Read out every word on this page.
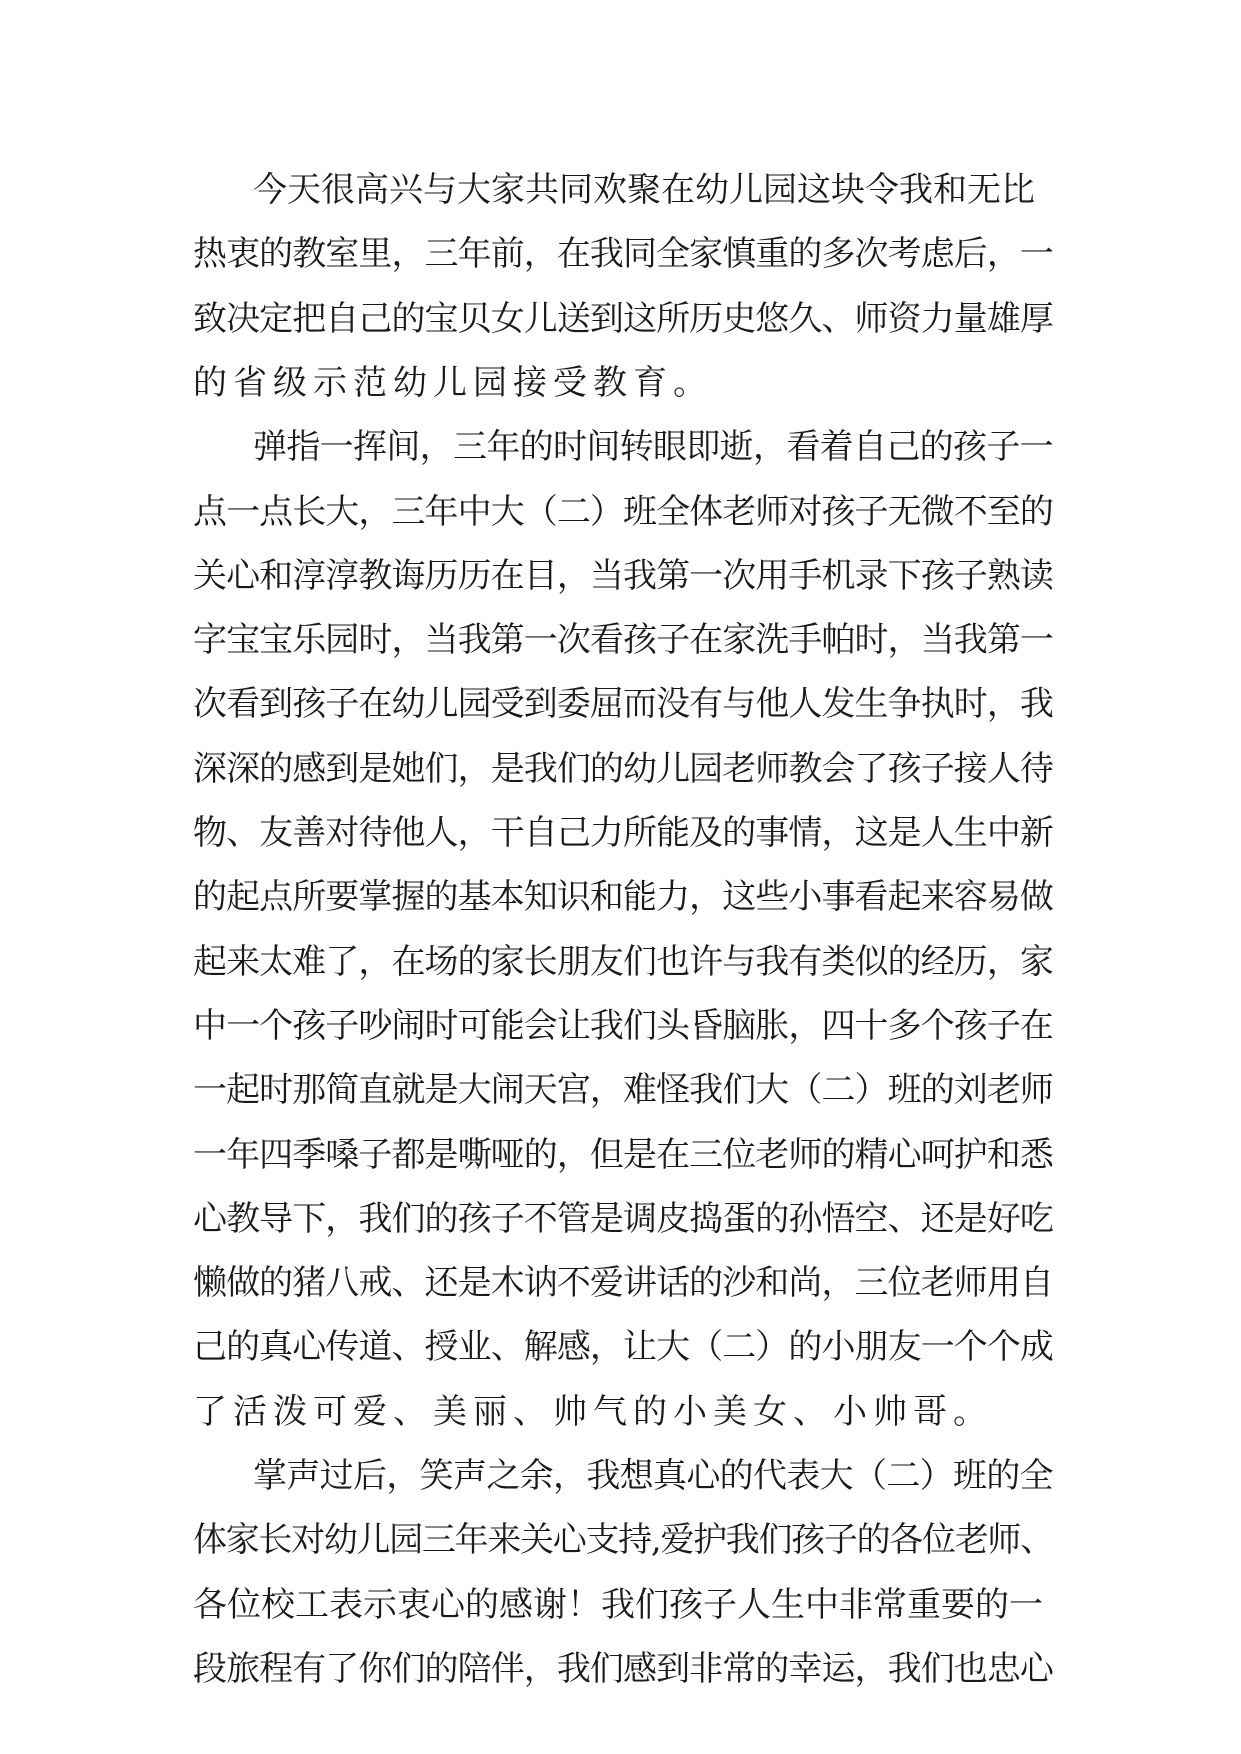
今天很高兴与大家共同欢聚在幼儿园这块令我和无比
热衷的教室里，三年前，在我同全家慎重的多次考虑后，一
致决定把自己的宝贝女儿送到这所历史悠久、师资力量雄厚
的省级示范幼儿园接受教育。
弹指一挥间，三年的时间转眼即逝，看着自己的孩子一
点一点长大，三年中大（二）班全体老师对孩子无微不至的
关心和淳淳教诲历历在目，当我第一次用手机录下孩子熟读
字宝宝乐园时，当我第一次看孩子在家洗手帕时，当我第一
次看到孩子在幼儿园受到委屈而没有与他人发生争执时，我
深深的感到是她们，是我们的幼儿园老师教会了孩子接人待
物、友善对待他人，干自己力所能及的事情，这是人生中新
的起点所要掌握的基本知识和能力，这些小事看起来容易做
起来太难了，在场的家长朋友们也许与我有类似的经历，家
中一个孩子吵闹时可能会让我们头昏脑胀，四十多个孩子在
一起时那简直就是大闹天宫，难怪我们大（二）班的刘老师
一年四季嗓子都是嘶哑的，但是在三位老师的精心呵护和悉
心教导下，我们的孩子不管是调皮捣蛋的孙悟空、还是好吃
懒做的猪八戒、还是木讷不爱讲话的沙和尚，三位老师用自
己的真心传道、授业、解感，让大（二）的小朋友一个个成
了活泼可爱、美丽、帅气的小美女、小帅哥。
掌声过后，笑声之余，我想真心的代表大（二）班的全
体家长对幼儿园三年来关心支持,爱护我们孩子的各位老师、
各位校工表示衷心的感谢！我们孩子人生中非常重要的一
段旅程有了你们的陪伴，我们感到非常的幸运，我们也忠心
